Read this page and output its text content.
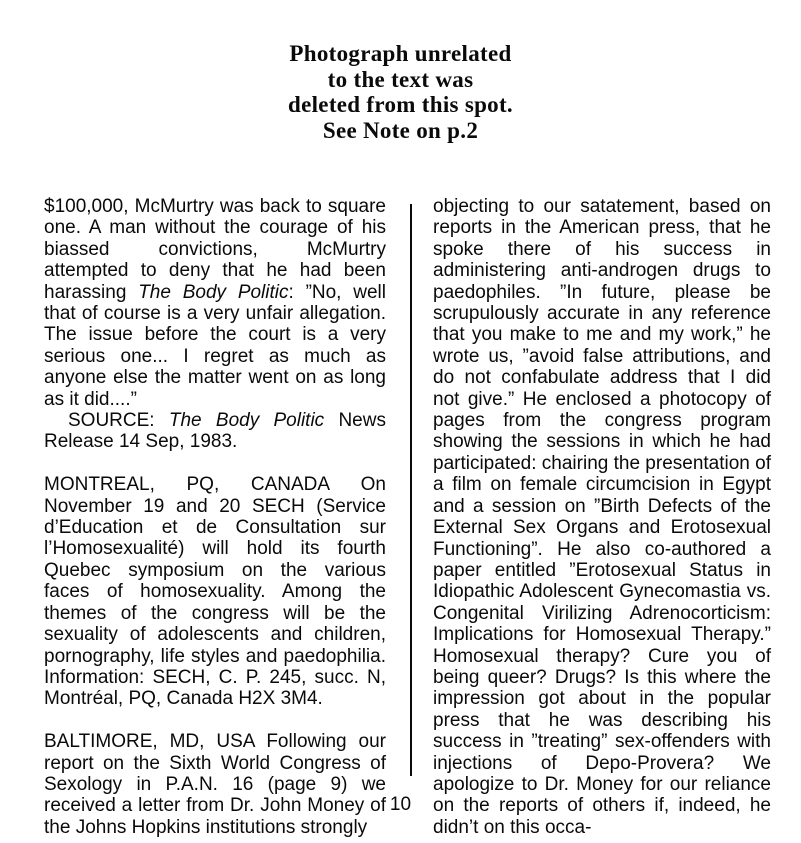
Photograph unrelated
to the text was
deleted from this spot.
See Note on p.2

$100,000, McMurtry was back to square one. A man without the courage of his biassed convictions, McMurtry attempted to deny that he had been harassing The Body Politic: ”No, well that of course is a very unfair allegation. The issue before the court is a very serious one... I regret as much as anyone else the matter went on as long as it did....”

SOURCE: The Body Politic News Release 14 Sep, 1983.

MONTREAL, PQ, CANADA On November 19 and 20 SECH (Service d’Education et de Consultation sur l’Homosexualité) will hold its fourth Quebec symposium on the various faces of homosexuality. Among the themes of the congress will be the sexuality of adolescents and children, pornography, life styles and paedophilia. Information: SECH, C. P. 245, succ. N, Montréal, PQ, Canada H2X 3M4.

BALTIMORE, MD, USA Following our report on the Sixth World Congress of Sexology in P.A.N. 16 (page 9) we received a letter from Dr. John Money of the Johns Hopkins institutions strongly

objecting to our satatement, based on reports in the American press, that he spoke there of his success in administering anti-androgen drugs to paedophiles. ”In future, please be scrupulously accurate in any reference that you make to me and my work,” he wrote us, ”avoid false attributions, and do not confabulate address that I did not give.” He enclosed a photocopy of pages from the congress program showing the sessions in which he had participated: chairing the presentation of a film on female circumcision in Egypt and a session on ”Birth Defects of the External Sex Organs and Erotosexual Functioning”. He also co-authored a paper entitled ”Erotosexual Status in Idiopathic Adolescent Gynecomastia vs. Congenital Virilizing Adrenocorticism: Implications for Homosexual Therapy.” Homosexual therapy? Cure you of being queer? Drugs? Is this where the impression got about in the popular press that he was describing his success in ”treating” sex-offenders with injections of Depo-Provera? We apologize to Dr. Money for our reliance on the reports of others if, indeed, he didn’t on this occa-

10
